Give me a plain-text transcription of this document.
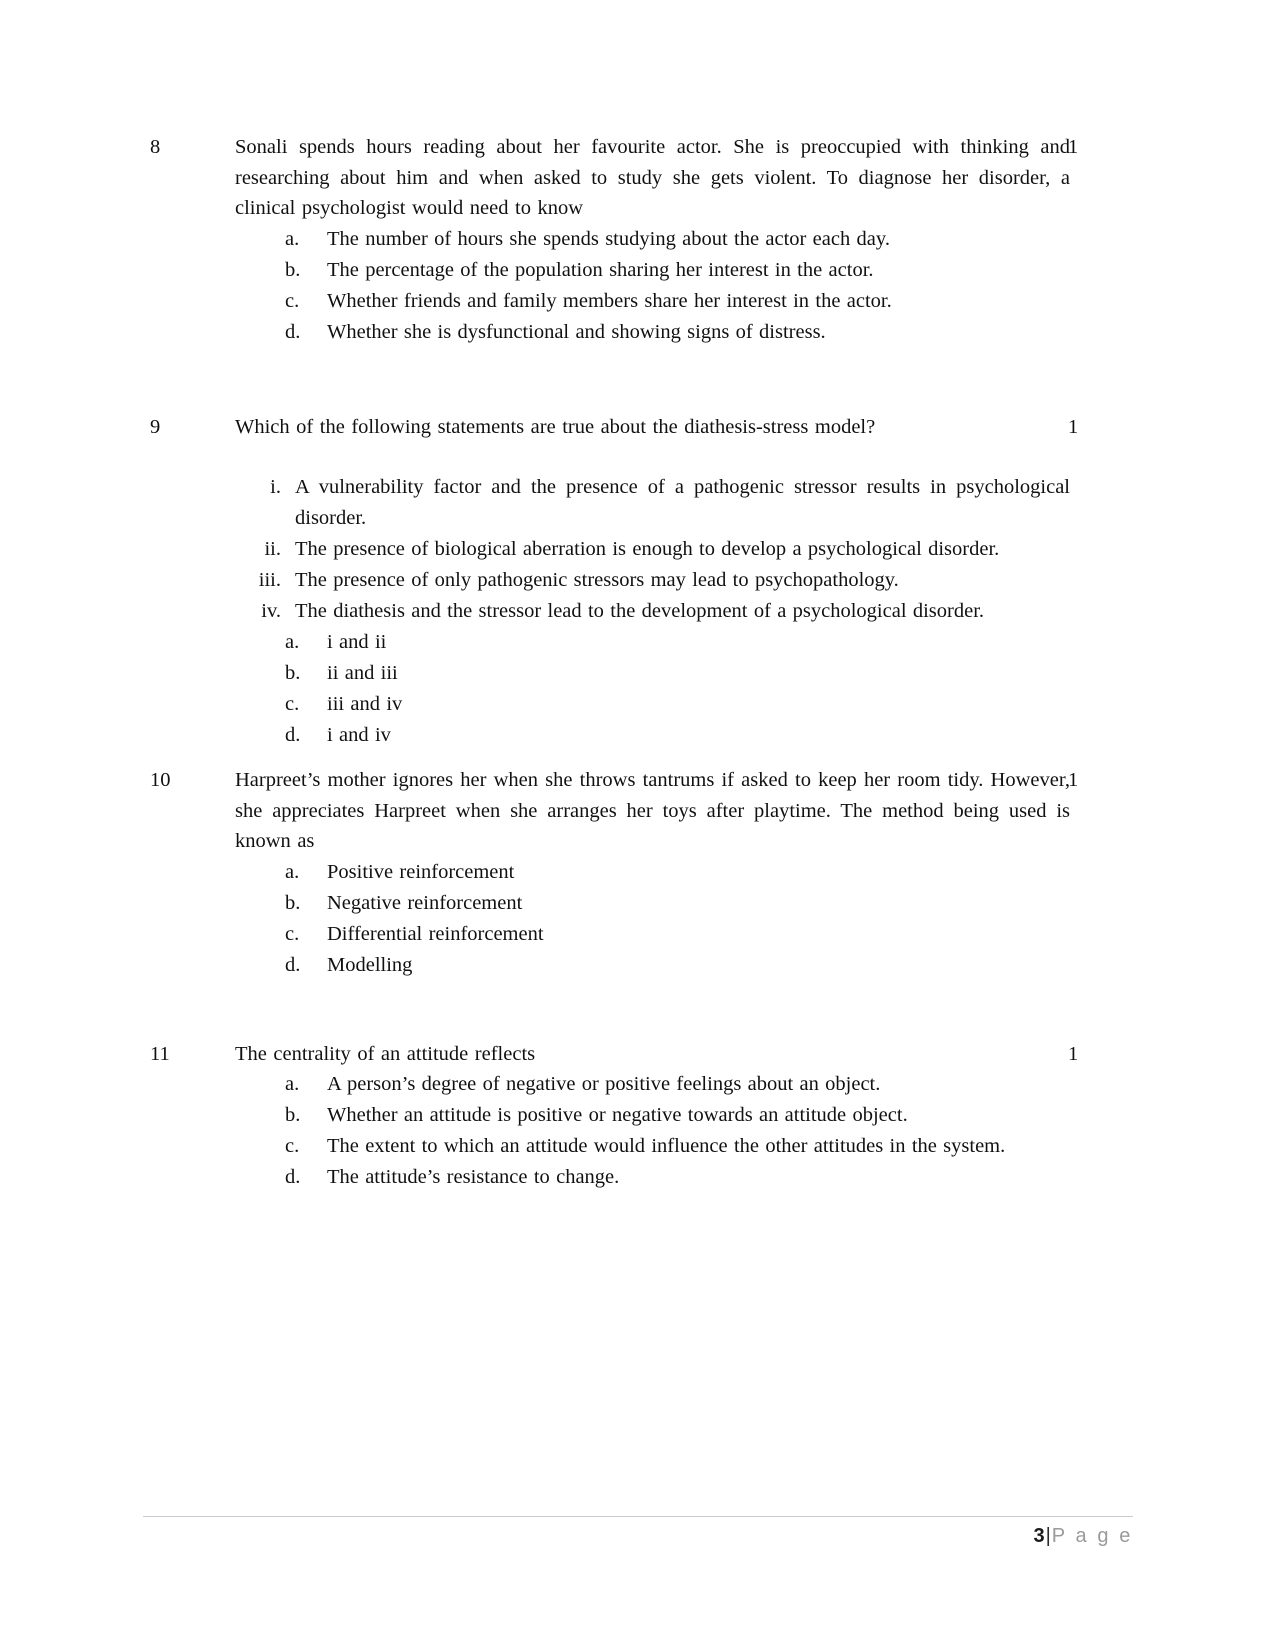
8	Sonali spends hours reading about her favourite actor. She is preoccupied with thinking and researching about him and when asked to study she gets violent. To diagnose her disorder, a clinical psychologist would need to know
The number of hours she spends studying about the actor each day.
The percentage of the population sharing her interest in the actor.
Whether friends and family members share her interest in the actor.
Whether she is dysfunctional and showing signs of distress.
1
9	Which of the following statements are true about the diathesis-stress model?
A vulnerability factor and the presence of a pathogenic stressor results in psychological disorder.
The presence of biological aberration is enough to develop a psychological disorder.
The presence of only pathogenic stressors may lead to psychopathology.
The diathesis and the stressor lead to the development of a psychological disorder.
i and ii
ii and iii
iii and iv
i and iv
1
10	Harpreet’s mother ignores her when she throws tantrums if asked to keep her room tidy. However, she appreciates Harpreet when she arranges her toys after playtime. The method being used is known as
Positive reinforcement
Negative reinforcement
Differential reinforcement
Modelling
1
11	The centrality of an attitude reflects
A person’s degree of negative or positive feelings about an object.
Whether an attitude is positive or negative towards an attitude object.
The extent to which an attitude would influence the other attitudes in the system.
The attitude’s resistance to change.
1
3|P a g e
